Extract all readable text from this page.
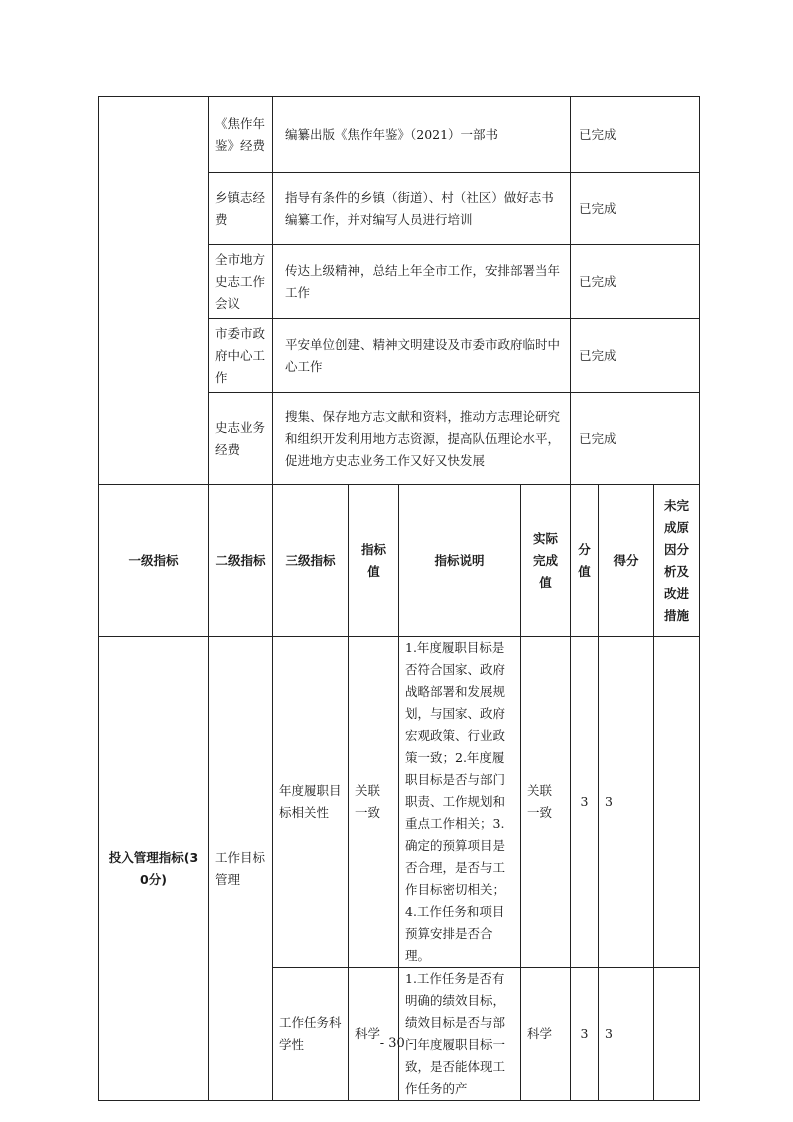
	《焦作年鉴》经费	编纂出版《焦作年鉴》（2021）一部书				已完成		
	乡镇志经费	指导有条件的乡镇（街道）、村（社区）做好志书编纂工作，并对编写人员进行培训				已完成		
	全市地方史志工作会议	传达上级精神，总结上年全市工作，安排部署当年工作				已完成		
	市委市政府中心工作	平安单位创建、精神文明建设及市委市政府临时中心工作				已完成		
	史志业务经费	搜集、保存地方志文献和资料，推动方志理论研究和组织开发利用地方志资源，提高队伍理论水平，促进地方史志业务工作又好又快发展				已完成		
一级指标	二级指标	三级指标	指标值	指标说明	实际完成值	分值	得分	未完成原因分析及改进措施
投入管理指标(30分)	工作目标管理	年度履职目标相关性	关联一致	1.年度履职目标是否符合国家、政府战略部署和发展规划，与国家、政府宏观政策、行业政策一致；2.年度履职目标是否与部门职责、工作规划和重点工作相关；3.确定的预算项目是否合理，是否与工作目标密切相关；4.工作任务和项目预算安排是否合理。	关联一致	3	3	
		工作任务科学性	科学	1.工作任务是否有明确的绩效目标，绩效目标是否与部门年度履职目标一致，是否能体现工作任务的产	科学	3	3	
- 30 -
